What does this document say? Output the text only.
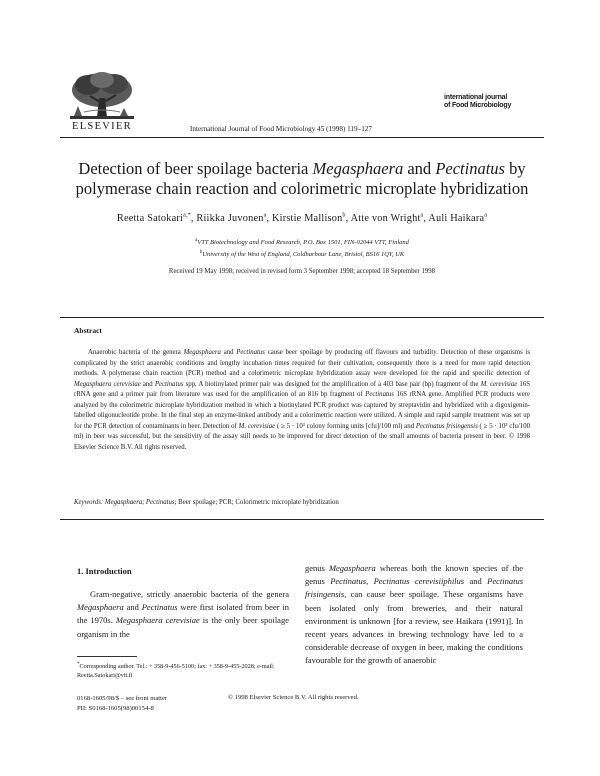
ELSEVIER	International Journal of Food Microbiology 45 (1998) 119–127
international journal
of Food Microbiology
Detection of beer spoilage bacteria Megasphaera and Pectinatus by
polymerase chain reaction and colorimetric microplate hybridization
Reetta Satokari$^{a,*}$, Riikka Juvonen$^a$, Kirstie Mallison$^b$, Atte von Wright$^a$, Auli Haikara$^a$
$^a$VTT Biotechnology and Food Research, P.O. Box 1501, FIN-02044 VTT, Finland
$^b$University of the West of England, Coldharbour Lane, Bristol, BS16 1QY, UK
Received 19 May 1998; received in revised form 3 September 1998; accepted 18 September 1998
Abstract
Anaerobic bacteria of the genera Megasphaera and Pectinatus cause beer spoilage by producing off flavours and turbidity. Detection of these organisms is complicated by the strict anaerobic conditions and lengthy incubation times required for their cultivation, consequently there is a need for more rapid detection methods. A polymerase chain reaction (PCR) method and a colorimetric microplate hybridization assay were developed for the rapid and specific detection of Megasphaera cerevisiae and Pectinatus spp. A biotinylated primer pair was designed for the amplification of a 403 base pair (bp) fragment of the M. cerevisiae 16S rRNA gene and a primer pair from literature was used for the amplification of an 816 bp fragment of Pectinatus 16S rRNA gene. Amplified PCR products were analyzed by the colorimetric microplate hybridization method in which a biotinylated PCR product was captured by streptavidin and hybridized with a digoxigenin-labelled oligonucleotide probe. In the final step an enzyme-linked antibody and a colorimetric reaction were utilized. A simple and rapid sample treatment was set up for the PCR detection of contaminants in beer. Detection of M. cerevisiae ( ≥ 5 · 10³ colony forming units [cfu]/100 ml) and Pectinatus frisingensis ( ≥ 5 · 10³ cfu/100 ml) in beer was successful, but the sensitivity of the assay still needs to be improved for direct detection of the small amounts of bacteria present in beer. © 1998 Elsevier Science B.V. All rights reserved.
Keywords: Megasphaera; Pectinatus; Beer spoilage; PCR; Colorimetric microplate hybridization
1. Introduction
Gram-negative, strictly anaerobic bacteria of the genera Megasphaera and Pectinatus were first isolated from beer in the 1970s. Megasphaera cerevisiae is the only beer spoilage organism in the
genus Megasphaera whereas both the known species of the genus Pectinatus, Pectinatus cerevisiiphilus and Pectinatus frisingensis, can cause beer spoilage. These organisms have been isolated only from breweries, and their natural environment is unknown [for a review, see Haikara (1991)]. In recent years advances in brewing technology have led to a considerable decrease of oxygen in beer, making the conditions favourable for the growth of anaerobic
*Corresponding author. Tel.: + 358-9-456-5100; fax: + 358-9-455-2028; e-mail: Reetta.Satokari@vtt.fi
0168-1605/98/$ – see front matter
PII: S0168-1605(98)00154-8
© 1998 Elsevier Science B.V. All rights reserved.
